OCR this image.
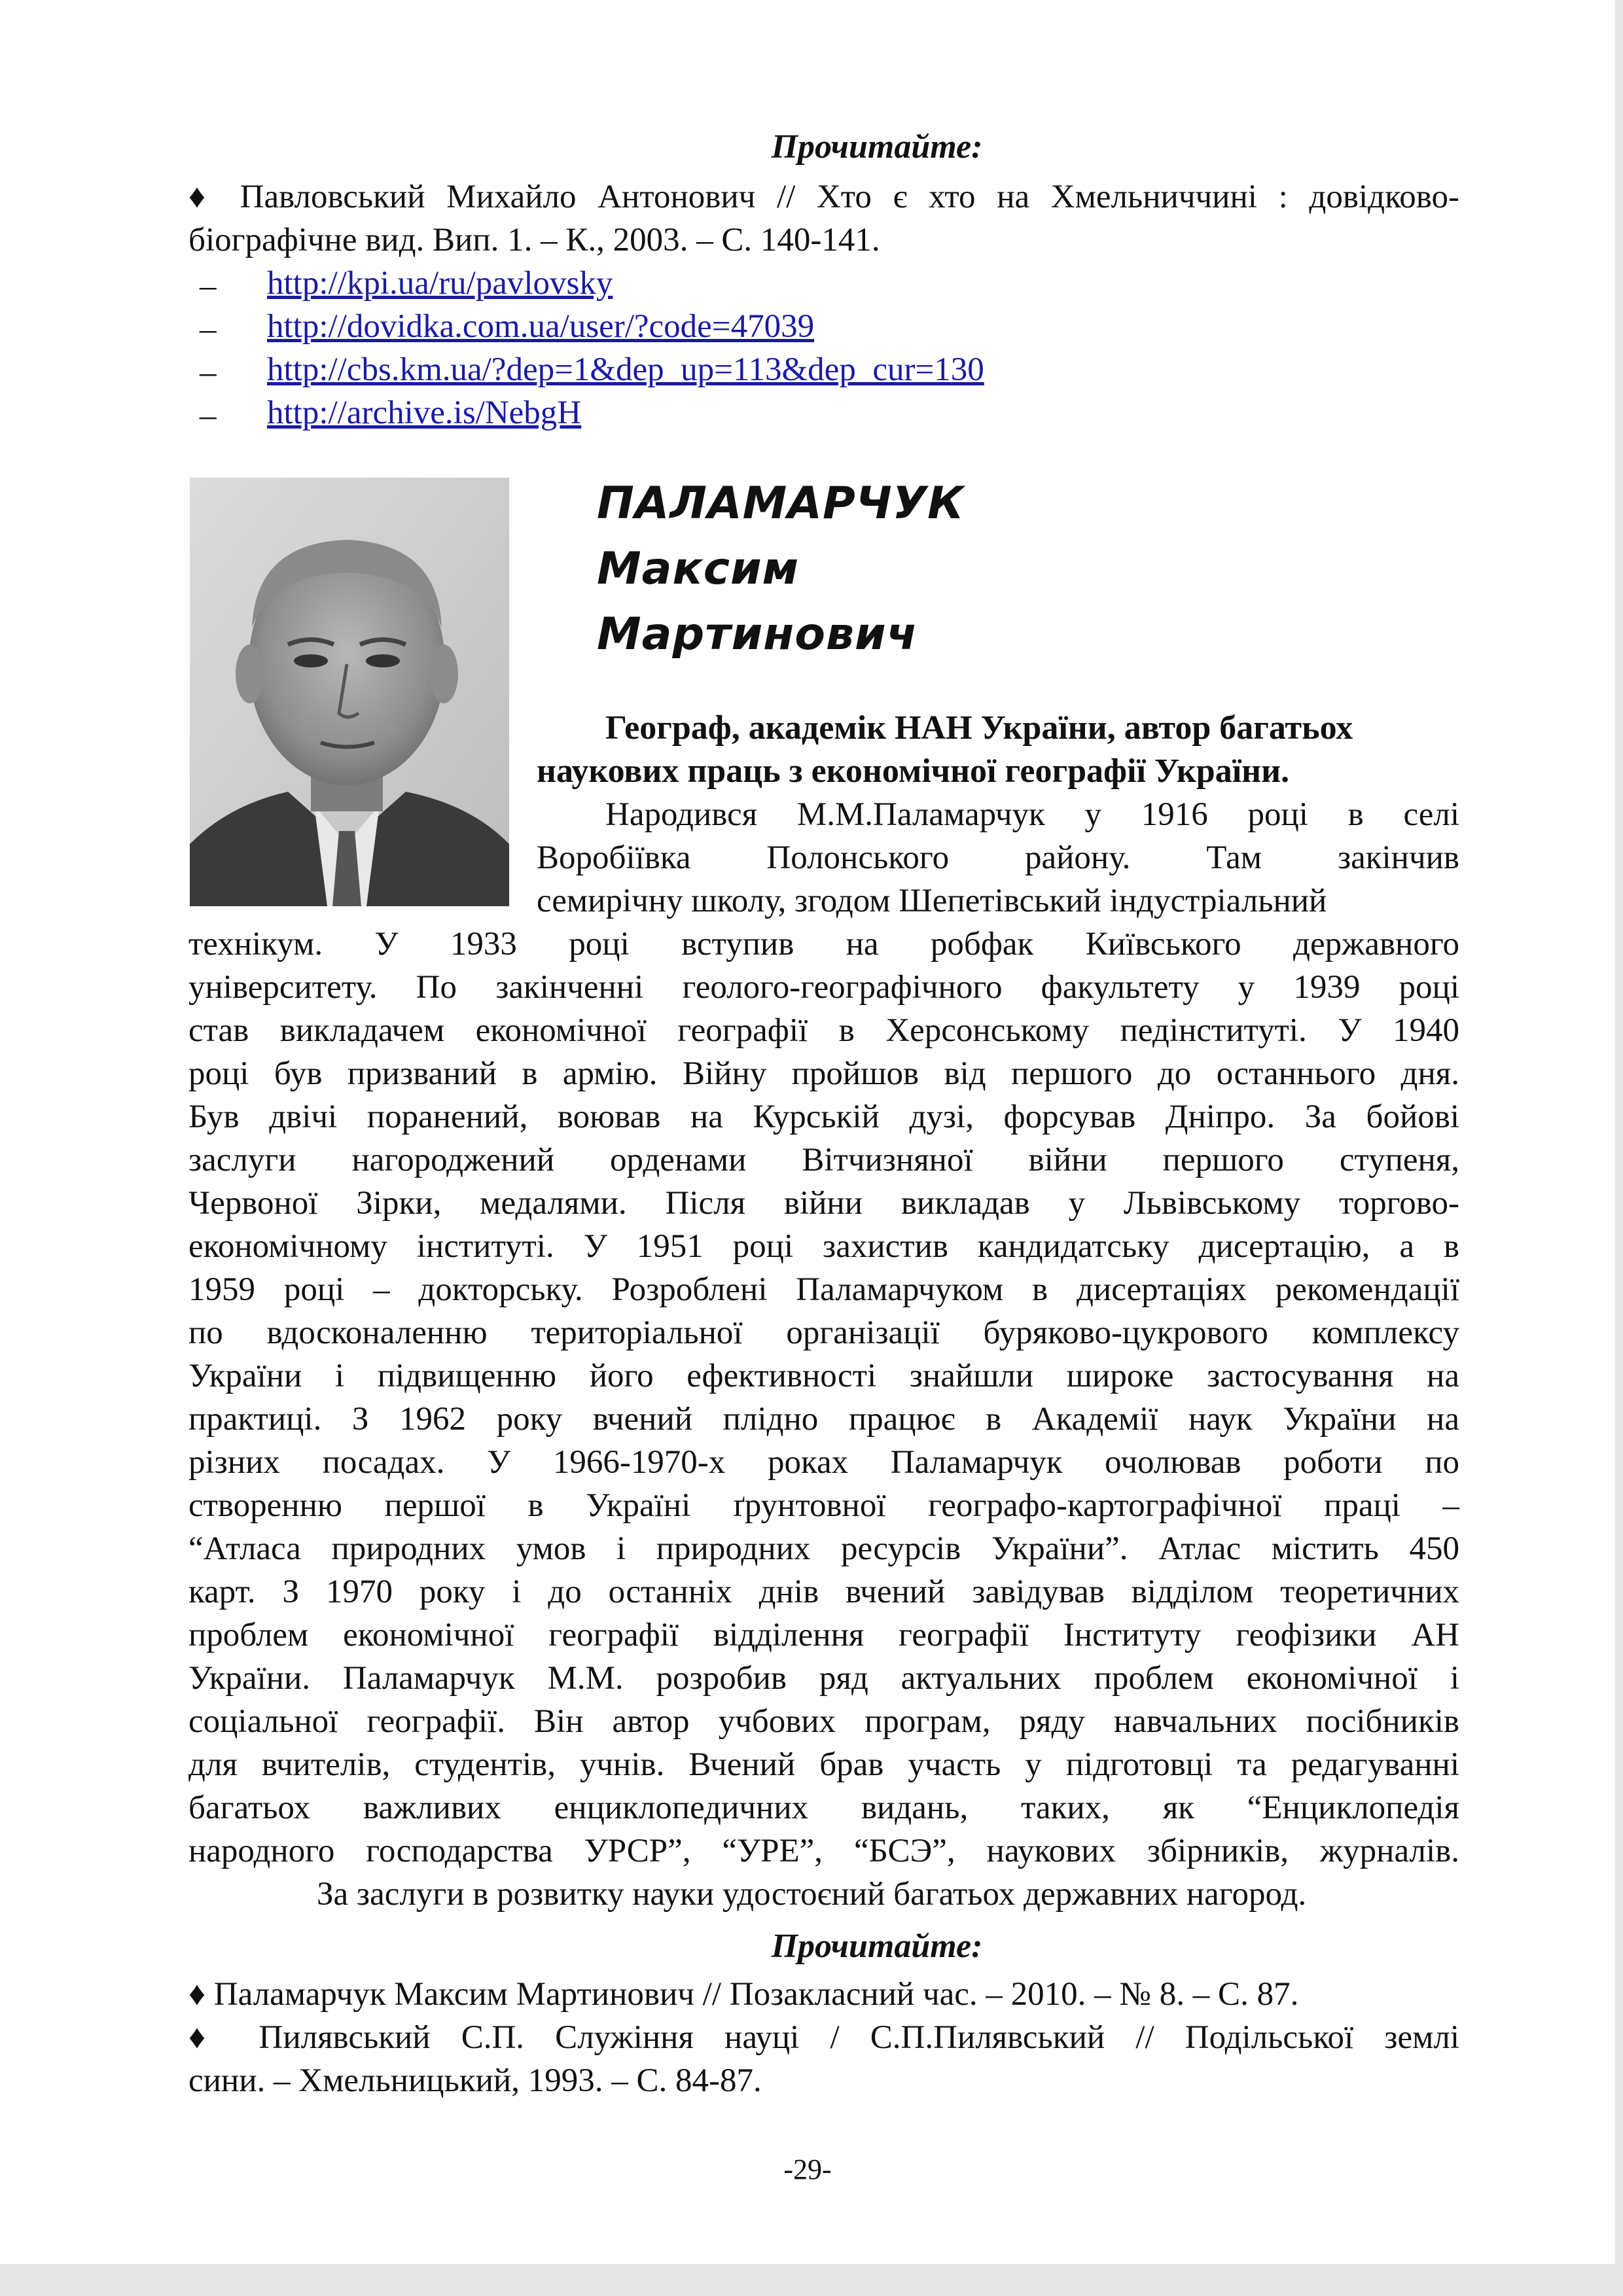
Прочитайте:
♦ Павловський Михайло Антонович // Хто є хто на Хмельниччині : довідково-
біографічне вид. Вип. 1. – К., 2003. – С. 140-141.
– http://kpi.ua/ru/pavlovsky
– http://dovidka.com.ua/user/?code=47039
– http://cbs.km.ua/?dep=1&dep_up=113&dep_cur=130
– http://archive.is/NebgH
ПАЛАМАРЧУК
Максим
Мартинович
Географ, академік НАН України, автор багатьох
наукових праць з економічної географії України.
Народився М.М.Паламарчук у 1916 році в селі
Воробіївка Полонського району. Там закінчив
семирічну школу, згодом Шепетівський індустріальний
технікум. У 1933 році вступив на робфак Київського державного
університету. По закінченні геолого-географічного факультету у 1939 році
став викладачем економічної географії в Херсонському педінституті. У 1940
році був призваний в армію. Війну пройшов від першого до останнього дня.
Був двічі поранений, воював на Курській дузі, форсував Дніпро. За бойові
заслуги нагороджений орденами Вітчизняної війни першого ступеня,
Червоної Зірки, медалями. Після війни викладав у Львівському торгово-
економічному інституті. У 1951 році захистив кандидатську дисертацію, а в
1959 році – докторську. Розроблені Паламарчуком в дисертаціях рекомендації
по вдосконаленню територіальної організації буряково-цукрового комплексу
України і підвищенню його ефективності знайшли широке застосування на
практиці. З 1962 року вчений плідно працює в Академії наук України на
різних посадах. У 1966-1970-х роках Паламарчук очолював роботи по
створенню першої в Україні ґрунтовної географо-картографічної праці –
“Атласа природних умов і природних ресурсів України”. Атлас містить 450
карт. З 1970 року і до останніх днів вчений завідував відділом теоретичних
проблем економічної географії відділення географії Інституту геофізики АН
України. Паламарчук М.М. розробив ряд актуальних проблем економічної і
соціальної географії. Він автор учбових програм, ряду навчальних посібників
для вчителів, студентів, учнів. Вчений брав участь у підготовці та редагуванні
багатьох важливих енциклопедичних видань, таких, як “Енциклопедія
народного господарства УРСР”, “УРЕ”, “БСЭ”, наукових збірників, журналів.
За заслуги в розвитку науки удостоєний багатьох державних нагород.
Прочитайте:
♦ Паламарчук Максим Мартинович // Позакласний час. – 2010. – № 8. – С. 87.
♦ Пилявський С.П. Служіння науці / С.П.Пилявський // Подільської землі
сини. – Хмельницький, 1993. – С. 84-87.
-29-
